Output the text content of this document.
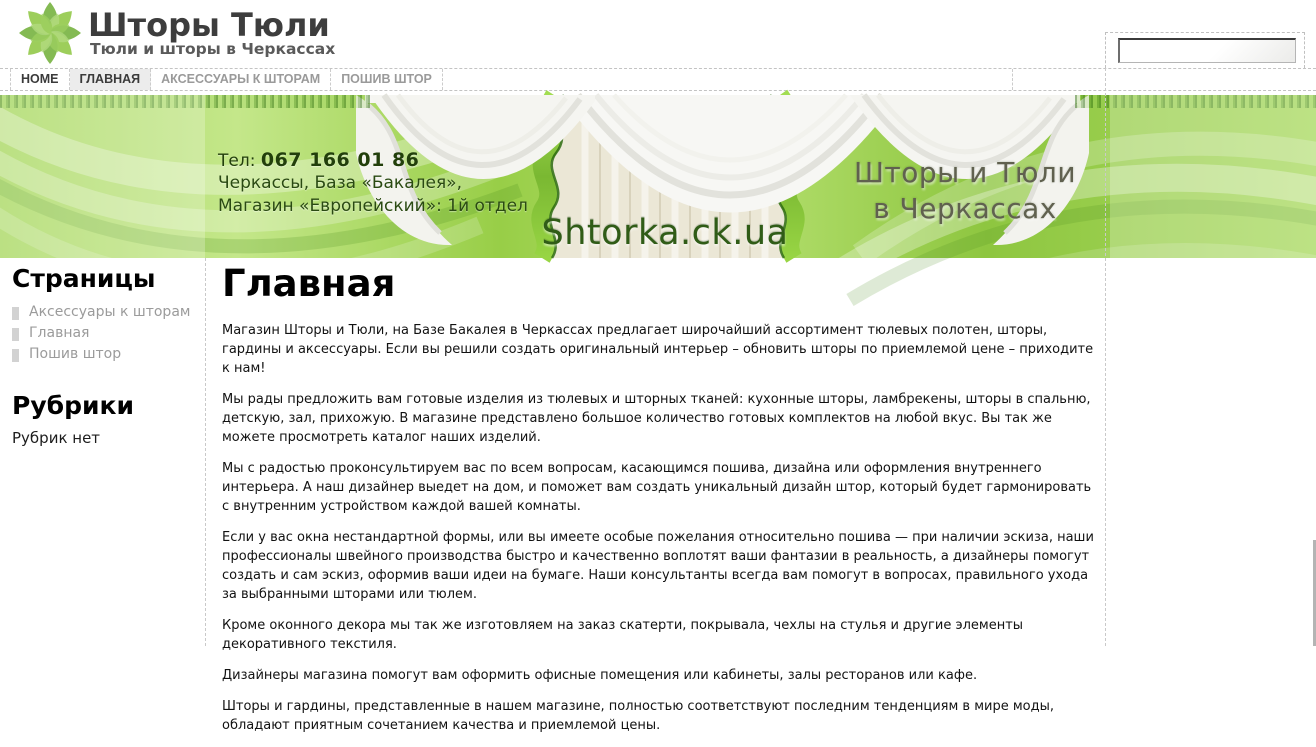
Шторы Тюли
Тюли и шторы в Черкассах
HOME	ГЛАВНАЯ	АКСЕССУАРЫ К ШТОРАМ	ПОШИВ ШТОР
Тел: 067 166 01 86
Черкассы, База «Бакалея»,
Магазин «Европейский»: 1й отдел
Shtorka.ck.ua
Шторы и Тюли
в Черкассах
Страницы
Аксессуары к шторам
Главная
Пошив штор
Рубрики
Рубрик нет
Главная

Магазин Шторы и Тюли, на Базе Бакалея в Черкассах предлагает широчайший ассортимент тюлевых полотен, шторы, гардины и аксессуары. Если вы решили создать оригинальный интерьер – обновить шторы по приемлемой цене – приходите к нам!

Мы рады предложить вам готовые изделия из тюлевых и шторных тканей: кухонные шторы, ламбрекены, шторы в спальню, детскую, зал, прихожую. В магазине представлено большое количество готовых комплектов на любой вкус. Вы так же можете просмотреть каталог наших изделий.

Мы с радостью проконсультируем вас по всем вопросам, касающимся пошива, дизайна или оформления внутреннего интерьера. А наш дизайнер выедет на дом, и поможет вам создать уникальный дизайн штор, который будет гармонировать с внутренним устройством каждой вашей комнаты.

Если у вас окна нестандартной формы, или вы имеете особые пожелания относительно пошива — при наличии эскиза, наши профессионалы швейного производства быстро и качественно воплотят ваши фантазии в реальность, а дизайнеры помогут создать и сам эскиз, оформив ваши идеи на бумаге. Наши консультанты всегда вам помогут в вопросах, правильного ухода за выбранными шторами или тюлем.

Кроме оконного декора мы так же изготовляем на заказ скатерти, покрывала, чехлы на стулья и другие элементы декоративного текстиля.

Дизайнеры магазина помогут вам оформить офисные помещения или кабинеты, залы ресторанов или кафе.

Шторы и гардины, представленные в нашем магазине, полностью соответствуют последним тенденциям в мире моды, обладают приятным сочетанием качества и приемлемой цены.
